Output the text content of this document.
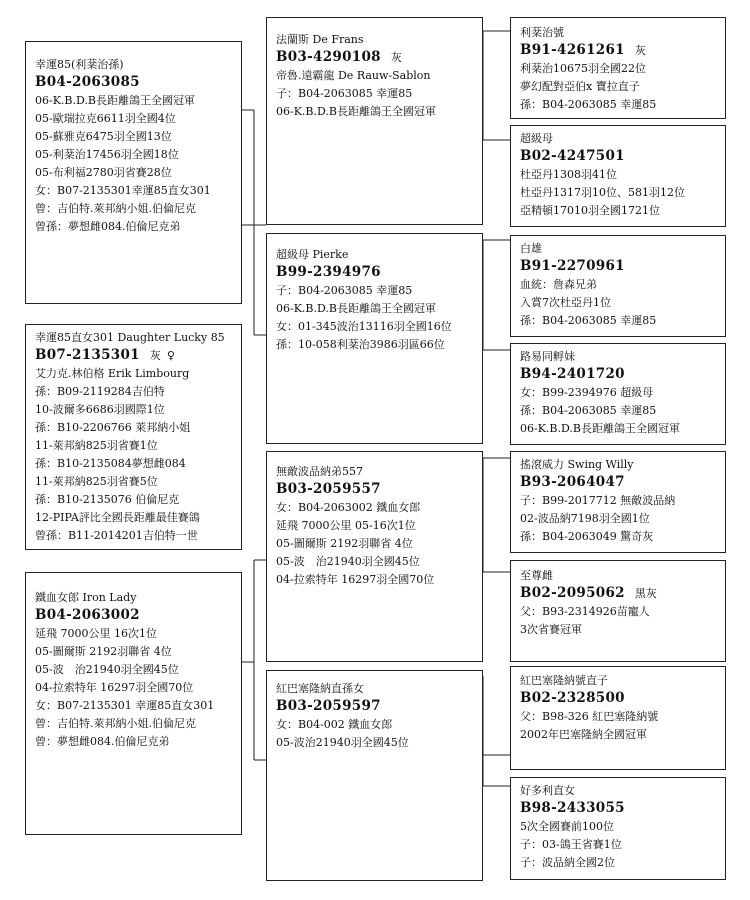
幸運85(利棻治孫)
B04-2063085
06-K.B.D.B長距離鴿王全國冠軍
05-歐瑞拉克6611羽全國4位
05-蘇雅克6475羽全國13位
05-利棻治17456羽全國18位
05-布利福2780羽省賽28位
女：B07-2135301幸運85直女301
曾：吉伯特.萊邦納小姐.伯倫尼克
曾孫：夢想雌084.伯倫尼克弟
幸運85直女301 Daughter Lucky 85
B07-2135301 灰 ♀
艾力克.林伯格 Erik Limbourg
孫：B09-2119284吉伯特
10-波爾多6686羽國際1位
孫：B10-2206766 萊邦納小姐
11-萊邦納825羽省賽1位
孫：B10-2135084夢想雌084
11-萊邦納825羽省賽5位
孫：B10-2135076 伯倫尼克
12-PIPA評比全國長距離最佳賽鴿
曾孫：B11-2014201吉伯特一世
鐵血女郎 Iron Lady
B04-2063002
延飛 7000公里 16次1位
05-圖爾斯 2192羽聯省 4位
05-波　治21940羽全國45位
04-拉索特年 16297羽全國70位
女：B07-2135301 幸運85直女301
曾：吉伯特.萊邦納小姐.伯倫尼克
曾：夢想雌084.伯倫尼克弟
法蘭斯 De Frans
B03-4290108 灰
帝魯.遠霸龍 De Rauw-Sablon
子：B04-2063085 幸運85
06-K.B.D.B長距離鴿王全國冠軍
超級母 Pierke
B99-2394976
子：B04-2063085 幸運85
06-K.B.D.B長距離鴿王全國冠軍
女：01-345波治13116羽全國16位
孫：10-058利棻治3986羽區66位
無敵波品納弟557
B03-2059557
女：B04-2063002 鐵血女郎
延飛 7000公里 05-16次1位
05-圖爾斯 2192羽聯省 4位
05-波　治21940羽全國45位
04-拉索特年 16297羽全國70位
紅巴塞隆納直孫女
B03-2059597
女：B04-002 鐵血女郎
05-波治21940羽全國45位
利棻治號
B91-4261261 灰
利棻治10675羽全國22位
夢幻配對亞伯x 寶拉直子
孫：B04-2063085 幸運85
超級母
B02-4247501
杜亞丹1308羽41位
杜亞丹1317羽10位、581羽12位
亞精頓17010羽全國1721位
白雄
B91-2270961
血統：詹森兄弟
入賞7次杜亞丹1位
孫：B04-2063085 幸運85
路易同孵妹
B94-2401720
女：B99-2394976 超級母
孫：B04-2063085 幸運85
06-K.B.D.B長距離鴿王全國冠軍
搖滾威力 Swing Willy
B93-2064047
子：B99-2017712 無敵波品納
02-波品納7198羽全國1位
孫：B04-2063049 驚奇灰
至尊雌
B02-2095062 黑灰
父：B93-2314926苗寵人
3次省賽冠軍
紅巴塞隆納號直子
B02-2328500
父：B98-326 紅巴塞隆納號
2002年巴塞隆納全國冠軍
好多利直女
B98-2433055
5次全國賽前100位
子：03-鴿王省賽1位
子：波品納全國2位
